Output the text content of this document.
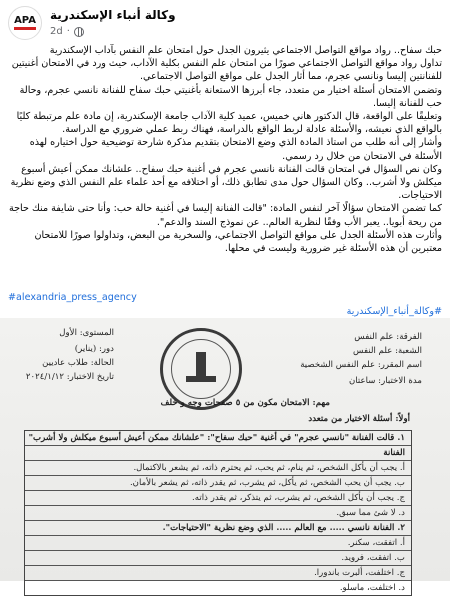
APA وكالة أنباء الإسكندرية
2d ·

حبك سفاح.. رواد مواقع التواصل الاجتماعي يثيرون الجدل حول امتحان علم النفس بآداب الإسكندرية

تداول رواد مواقع التواصل الاجتماعي صورًا من امتحان علم النفس بكلية الآداب، حيث ورد في الامتحان أغنيتين للفنانتين إليسا ونانسي عجرم، مما أثار الجدل على مواقع التواصل الاجتماعي.

وتضمن الامتحان أسئلة اختيار من متعدد، جاء أبرزها الاستعانة بأغنيتي حبك سفاح للفنانة نانسي عجرم، وحالة حب للفنانة إليسا.

وتعليقًا على الواقعة، قال الدكتور هاني خميس، عميد كلية الآداب جامعة الإسكندرية، إن مادة علم مرتبطة كليًا بالواقع الذي نعيشه، والأسئلة عادلة لربط الواقع بالدراسة، فهناك ربط عملي ضروري مع الدراسة.

وأشار إلى أنه طلب من استاذ المادة الذي وضع الامتحان بتقديم مذكرة شارحة توضيحية حول اختياره لهذه الأسئلة في الامتحان من خلال رد رسمي.

وكان نص السؤال في امتحان قالت الفنانة نانسي عجرم في أغنية حبك سفاح.. علشانك ممكن أعيش أسبوع ميكلش ولا أشرب.. وكان السؤال حول مدى تطابق ذلك، أو اختلافه مع أحد علماء علم النفس الذي وضع نظرية الاحتياجات.

كما تضمن الامتحان سؤالًا آخر لنفس المادة: "قالت الفنانة إليسا في أغنية حالة حب: وأنا حتى شايفة منك حاجة من ريحة أبويا.. يعبر الأب وفقًا لنظرية العالم.. عن نموذج السند والدعم".

وأثارت هذه الأسئلة الجدل على مواقع التواصل الاجتماعي، والسخرية من البعض، وتداولوا صورًا للامتحان معتبرين أن هذه الأسئلة غير ضرورية وليست في محلها.

#alexandria_press_agency
#وكالة_أنباء_الإسكندرية
الفرقة: علم النفس
الشعبة: علم النفس
اسم المقرر: علم النفس الشخصية
مدة الاختبار: ساعتان
المستوى: الأول
دور: (يناير)
الحالة: طلاب عاديين
تاريخ الاختبار: ٢٠٢٤/١/١٢
مهم: الامتحان مكون من ٥ صفحات وجه و خلف
أولاً: أسئلة الاختيار من متعدد
١. قالت الفنانة "نانسي عجرم" في أغنية "حبك سفاح": "علشانك ممكن أعيش أسبوع ميكلش ولا أشرب"
الفنانة
أ. يجب أن يأكل الشخص، ثم ينام، ثم يحب، ثم يحترم ذاته، ثم يشعر بالاكتمال.
ب. يجب أن يحب الشخص، ثم يأكل، ثم يشرب، ثم يقدر ذاته، ثم يشعر بالأمان.
ج. يجب أن يأكل الشخص، ثم يشرب، ثم يتذكر، ثم يقدر ذاته.
د. لا شئ مما سبق.
٢. الفنانة نانسي ..... مع العالم ..... الذي وضع نظرية "الاحتياجات".
أ. اتفقت، سكنر.
ب. اتفقت، فرويد.
ج. اختلفت، ألبرت باندورا.
د. اختلفت، ماسلو.
